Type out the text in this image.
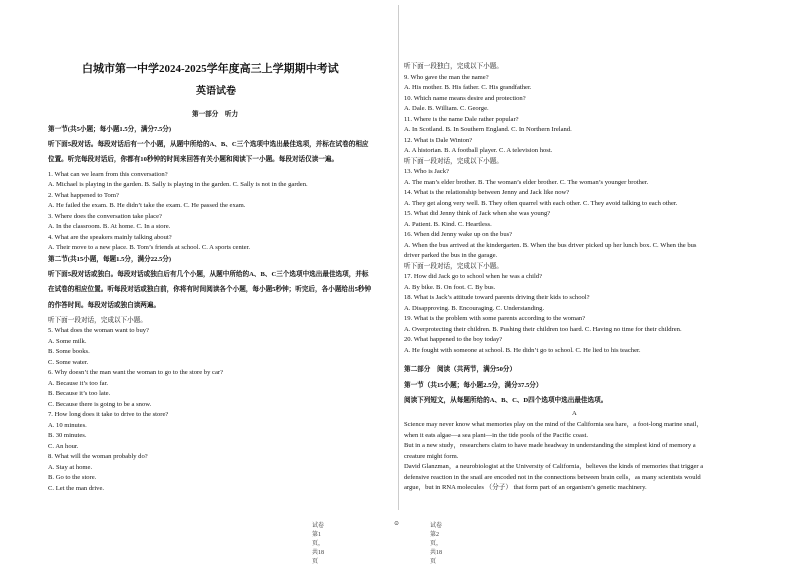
白城市第一中学2024-2025学年度高三上学期期中考试
英语试卷
第一部分　听力
第一节(共5小题；每小题1.5分，满分7.5分)
听下面5段对话。每段对话后有一个小题，从题中所给的A、B、C三个选项中选出最佳选项，并标在试卷的相应
位置。听完每段对话后，你都有10秒钟的时间来回答有关小题和阅读下一小题。每段对话仅读一遍。
1. What can we learn from this conversation?
A. Michael is playing in the garden. B. Sally is playing in the garden. C. Sally is not in the garden.
2. What happened to Tom?
A. He failed the exam. B. He didn’t take the exam. C. He passed the exam.
3. Where does the conversation take place?
A. In the classroom. B. At home. C. In a store.
4. What are the speakers mainly talking about?
A. Their move to a new place. B. Tom’s friends at school. C. A sports center.
第二节(共15小题，每题1.5分，满分22.5分)
听下面5段对话或独白。每段对话或独白后有几个小题，从题中所给的A、B、C三个选项中选出最佳选项，并标
在试卷的相应位置。听每段对话或独白前，你将有时间阅读各个小题，每小题5秒钟；听完后，各小题给出5秒钟
的作答时间。每段对话或独白读两遍。
听下面一段对话，完成以下小题。
5. What does the woman want to buy?
A. Some milk.
B. Some books.
C. Some water.
6. Why doesn’t the man want the woman to go to the store by car?
A. Because it’s too far.
B. Because it’s too late.
C. Because there is going to be a snow.
7. How long does it take to drive to the store?
A. 10 minutes.
B. 30 minutes.
C. An hour.
8. What will the woman probably do?
A. Stay at home.
B. Go to the store.
C. Let the man drive.
试卷第1页，共18页
⊙
听下面一段独白，完成以下小题。
9. Who gave the man the name?
A. His mother. B. His father. C. His grandfather.
10. Which name means desire and protection?
A. Dale. B. William. C. George.
11. Where is the name Dale rather popular?
A. In Scotland. B. In Southern England. C. In Northern Ireland.
12. What is Dale Winton?
A. A historian. B. A football player. C. A television host.
听下面一段对话，完成以下小题。
13. Who is Jack?
A. The man’s elder brother. B. The woman’s elder brother. C. The woman’s younger brother.
14. What is the relationship between Jenny and Jack like now?
A. They get along very well. B. They often quarrel with each other. C. They avoid talking to each other.
15. What did Jenny think of Jack when she was young?
A. Patient. B. Kind. C. Heartless.
16. When did Jenny wake up on the bus?
A. When the bus arrived at the kindergarten. B. When the bus driver picked up her lunch box. C. When the bus
driver parked the bus in the garage.
听下面一段对话，完成以下小题。
17. How did Jack go to school when he was a child?
A. By bike. B. On foot. C. By bus.
18. What is Jack’s attitude toward parents driving their kids to school?
A. Disapproving. B. Encouraging. C. Understanding.
19. What is the problem with some parents according to the woman?
A. Overprotecting their children. B. Pushing their children too hard. C. Having no time for their children.
20. What happened to the boy today?
A. He fought with someone at school. B. He didn’t go to school. C. He lied to his teacher.
第二部分　阅读（共两节，满分50分）
第一节（共15小题；每小题2.5分，满分37.5分）
阅读下列短文，从每题所给的A、B、C、D四个选项中选出最佳选项。
A
Science may never know what memories play on the mind of the California sea hare，a foot-long marine snail，
when it eats algae—a sea plant—in the tide pools of the Pacific coast.
But in a new study，researchers claim to have made headway in understanding the simplest kind of memory a
creature might form.
David Glanzman，a neurobiologist at the University of California，believes the kinds of memories that trigger a
defensive reaction in the snail are encoded not in the connections between brain cells，as many scientists would
argue，but in RNA molecules （分子） that form part of an organism’s genetic machinery.
试卷第2页，共18页
